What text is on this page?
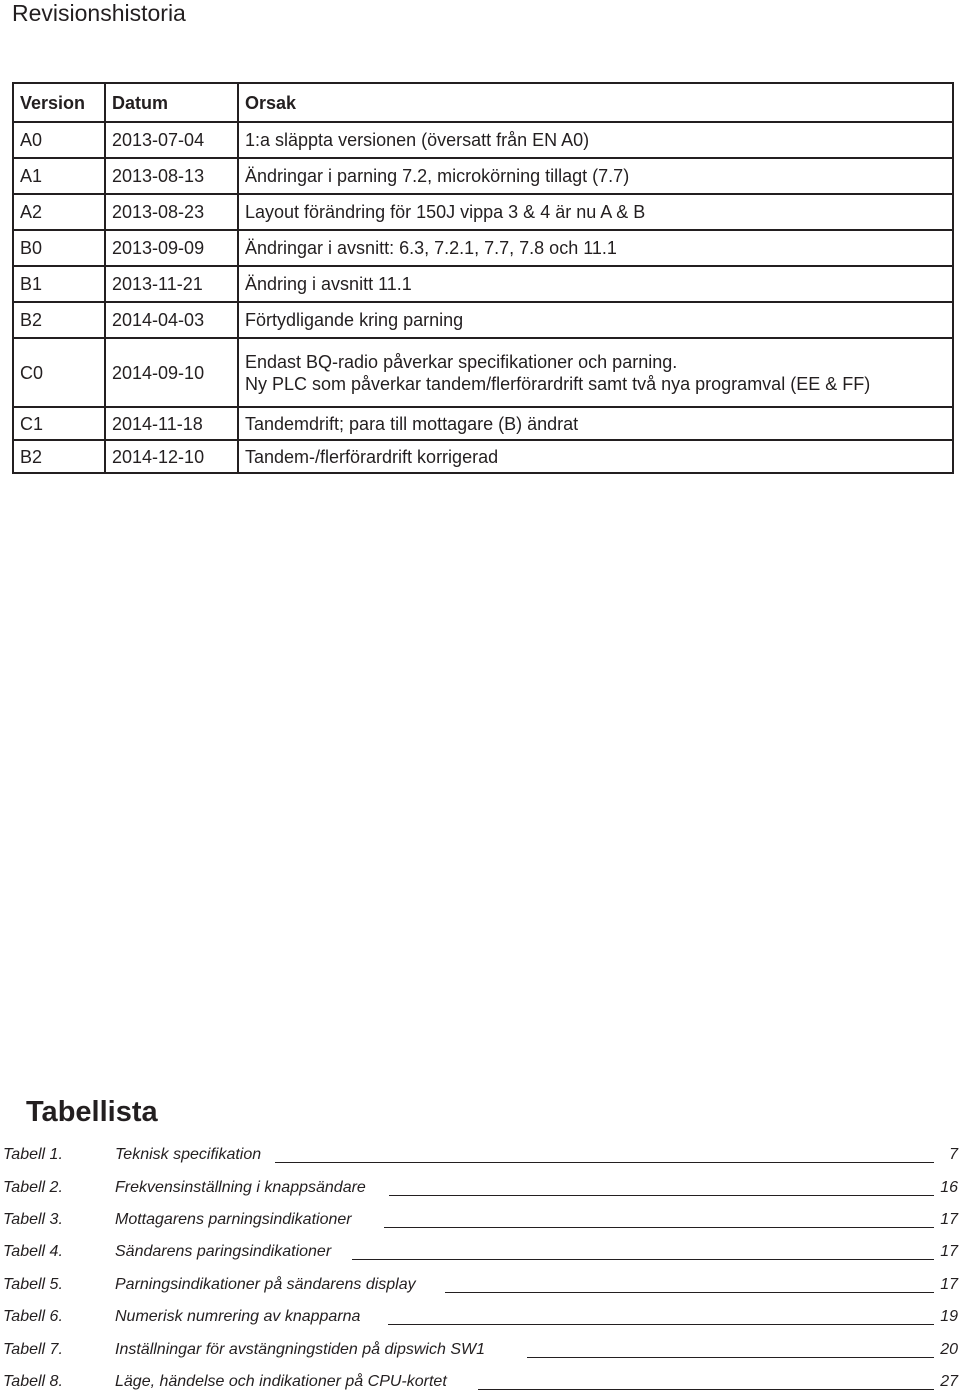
Revisionshistoria
Version	Datum	Orsak
A0	2013-07-04	1:a släppta versionen (översatt från EN A0)
A1	2013-08-13	Ändringar i parning 7.2, microkörning tillagt (7.7)
A2	2013-08-23	Layout förändring för 150J vippa 3 & 4 är nu A & B
B0	2013-09-09	Ändringar i avsnitt: 6.3, 7.2.1, 7.7, 7.8 och 11.1
B1	2013-11-21	Ändring i avsnitt 11.1
B2	2014-04-03	Förtydligande kring parning
C0	2014-09-10	Endast BQ-radio påverkar specifikationer och parning.
Ny PLC som påverkar tandem/flerförardrift samt två nya programval (EE & FF)

C1	2014-11-18	Tandemdrift; para till mottagare (B) ändrat
B2	2014-12-10	Tandem-/flerförardrift korrigerad
Tabellista
Tabell 1.	Teknisk specifikation	7
Tabell 2.	Frekvensinställning i knappsändare	16
Tabell 3.	Mottagarens parningsindikationer	17
Tabell 4.	Sändarens paringsindikationer	17
Tabell 5.	Parningsindikationer på sändarens display	17
Tabell 6.	Numerisk numrering av knapparna	19
Tabell 7.	Inställningar för avstängningstiden på dipswich SW1	20
Tabell 8.	Läge, händelse och indikationer på CPU-kortet	27
